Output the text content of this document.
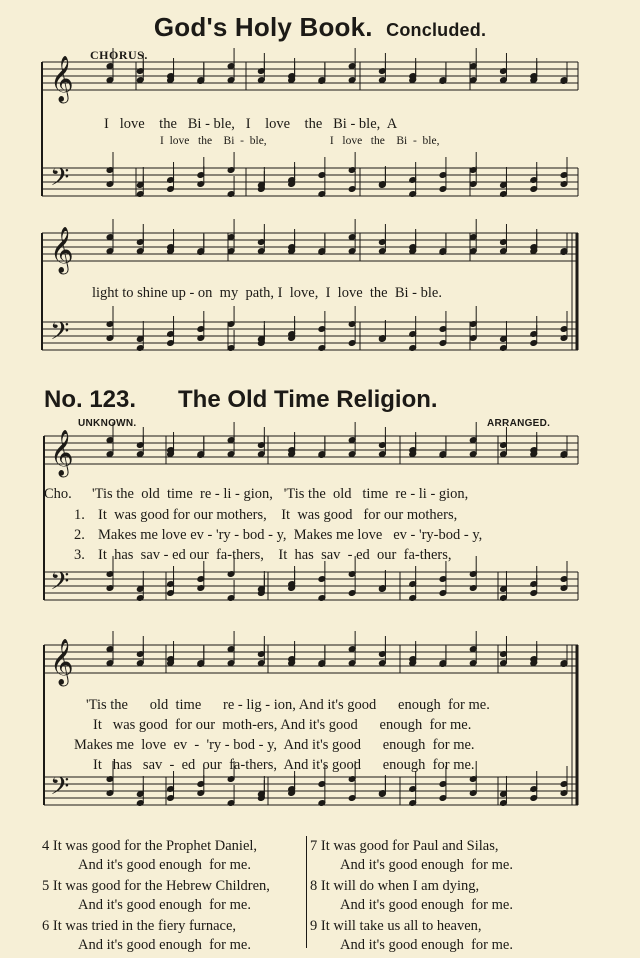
God's Holy Book. Concluded.
CHORUS.
𝄞
𝄢
𝄞
𝄢
𝄞
𝄢
𝄞
𝄢
I   love    the   Bi - ble,   I    love    the   Bi - ble,  A
I  love   the    Bi  -  ble,                      I   love   the    Bi  -  ble,
light to shine up - on  my  path, I  love,  I  love  the  Bi - ble.
No. 123. The Old Time Religion.
UNKNOWN.	ARRANGED.
Cho. 'Tis the  old  time  re - li - gion,   'Tis the  old   time  re - li - gion,
1. It  was good for our mothers,    It  was good   for our mothers,
2. Makes me love ev - 'ry - bod - y,  Makes me love   ev - 'ry-bod - y,
3. It  has  sav - ed our  fa-thers,    It  has  sav  - ed  our  fa-thers,
'Tis the      old  time      re - lig - ion, And it's good      enough  for me.
It   was good  for our  moth-ers, And it's good      enough  for me.
Makes me  love  ev  -  'ry - bod - y,  And it's good      enough  for me.
It   has   sav  -  ed  our  fa-thers,  And it's good      enough  for me.
4 It was good for the Prophet Daniel,
And it's good enough  for me.
5 It was good for the Hebrew Children,
And it's good enough  for me.
6 It was tried in the fiery furnace,
And it's good enough  for me.
7 It was good for Paul and Silas,
And it's good enough  for me.
8 It will do when I am dying,
And it's good enough  for me.
9 It will take us all to heaven,
And it's good enough  for me.
